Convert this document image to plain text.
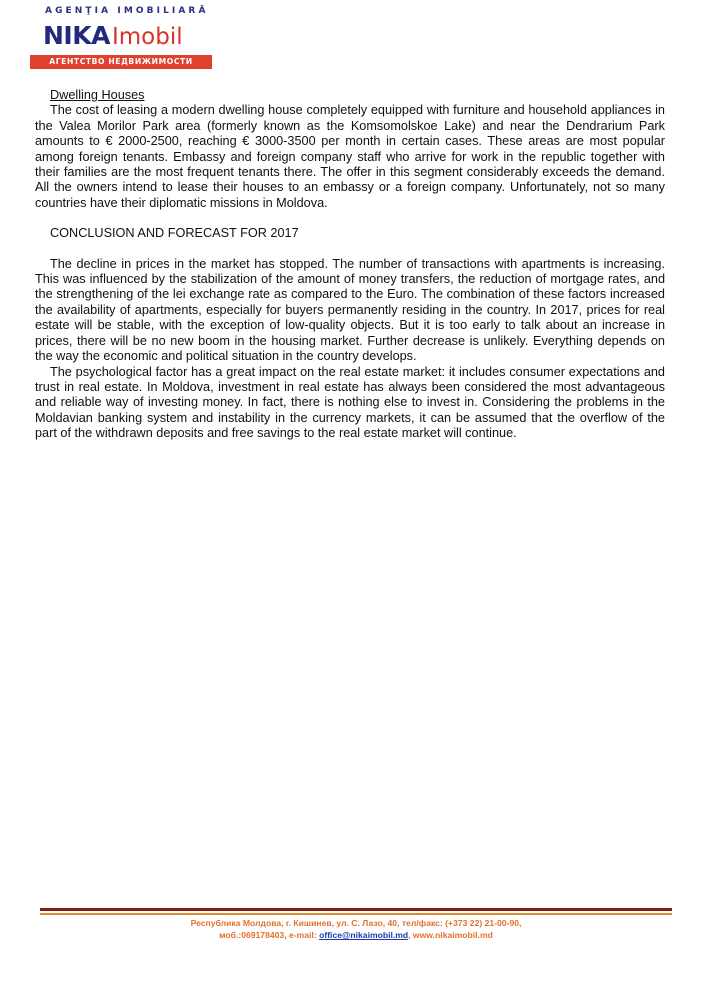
AGENŢIA IMOBILIARĂ
NIKAImobil
АГЕНТСТВО НЕДВИЖИМОСТИ

Dwelling Houses

The cost of leasing a modern dwelling house completely equipped with furniture and household appliances in the Valea Morilor Park area (formerly known as the Komsomolskoe Lake) and near the Dendrarium Park amounts to € 2000-2500, reaching € 3000-3500 per month in certain cases. These areas are most popular among foreign tenants. Embassy and foreign company staff who arrive for work in the republic together with their families are the most frequent tenants there. The offer in this segment considerably exceeds the demand. All the owners intend to lease their houses to an embassy or a foreign company. Unfortunately, not so many countries have their diplomatic missions in Moldova.

CONCLUSION AND FORECAST FOR 2017

The decline in prices in the market has stopped. The number of transactions with apartments is increasing. This was influenced by the stabilization of the amount of money transfers, the reduction of mortgage rates, and the strengthening of the lei exchange rate as compared to the Euro. The combination of these factors increased the availability of apartments, especially for buyers permanently residing in the country. In 2017, prices for real estate will be stable, with the exception of low-quality objects. But it is too early to talk about an increase in prices, there will be no new boom in the housing market. Further decrease is unlikely. Everything depends on the way the economic and political situation in the country develops.

The psychological factor has a great impact on the real estate market: it includes consumer expectations and trust in real estate. In Moldova, investment in real estate has always been considered the most advantageous and reliable way of investing money. In fact, there is nothing else to invest in. Considering the problems in the Moldavian banking system and instability in the currency markets, it can be assumed that the overflow of the part of the withdrawn deposits and free savings to the real estate market will continue.

Республика Молдова, г. Кишинев, ул. С. Лазо, 40, тел/факс: (+373 22) 21-00-90,
моб.:069178403, e-mail: office@nikaimobil.md, www.nikaimobil.md
